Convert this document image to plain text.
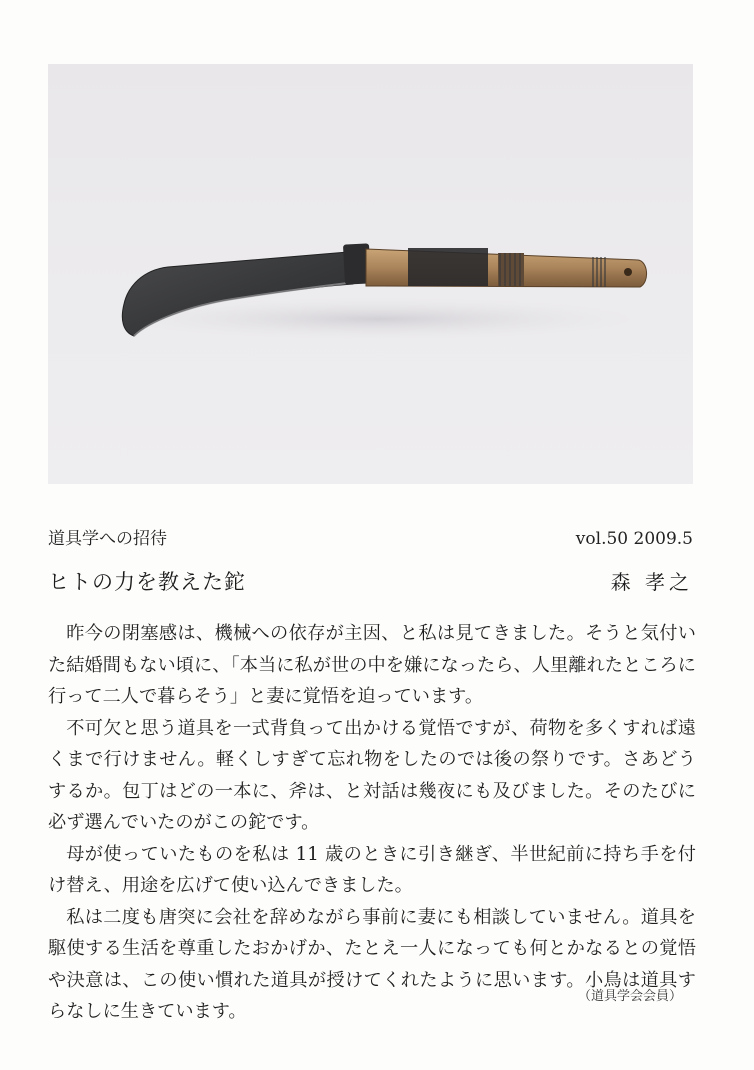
道具学への招待	vol.50 2009.5
ヒトの力を教えた鉈	森 孝之

昨今の閉塞感は、機械への依存が主因、と私は見てきました。そうと気付いた結婚間もない頃に、「本当に私が世の中を嫌になったら、人里離れたところに行って二人で暮らそう」と妻に覚悟を迫っています。

不可欠と思う道具を一式背負って出かける覚悟ですが、荷物を多くすれば遠くまで行けません。軽くしすぎて忘れ物をしたのでは後の祭りです。さあどうするか。包丁はどの一本に、斧は、と対話は幾夜にも及びました。そのたびに必ず選んでいたのがこの鉈です。

母が使っていたものを私は 11 歳のときに引き継ぎ、半世紀前に持ち手を付け替え、用途を広げて使い込んできました。

私は二度も唐突に会社を辞めながら事前に妻にも相談していません。道具を駆使する生活を尊重したおかげか、たとえ一人になっても何とかなるとの覚悟や決意は、この使い慣れた道具が授けてくれたように思います。小鳥は道具すらなしに生きています。

（道具学会会員）
